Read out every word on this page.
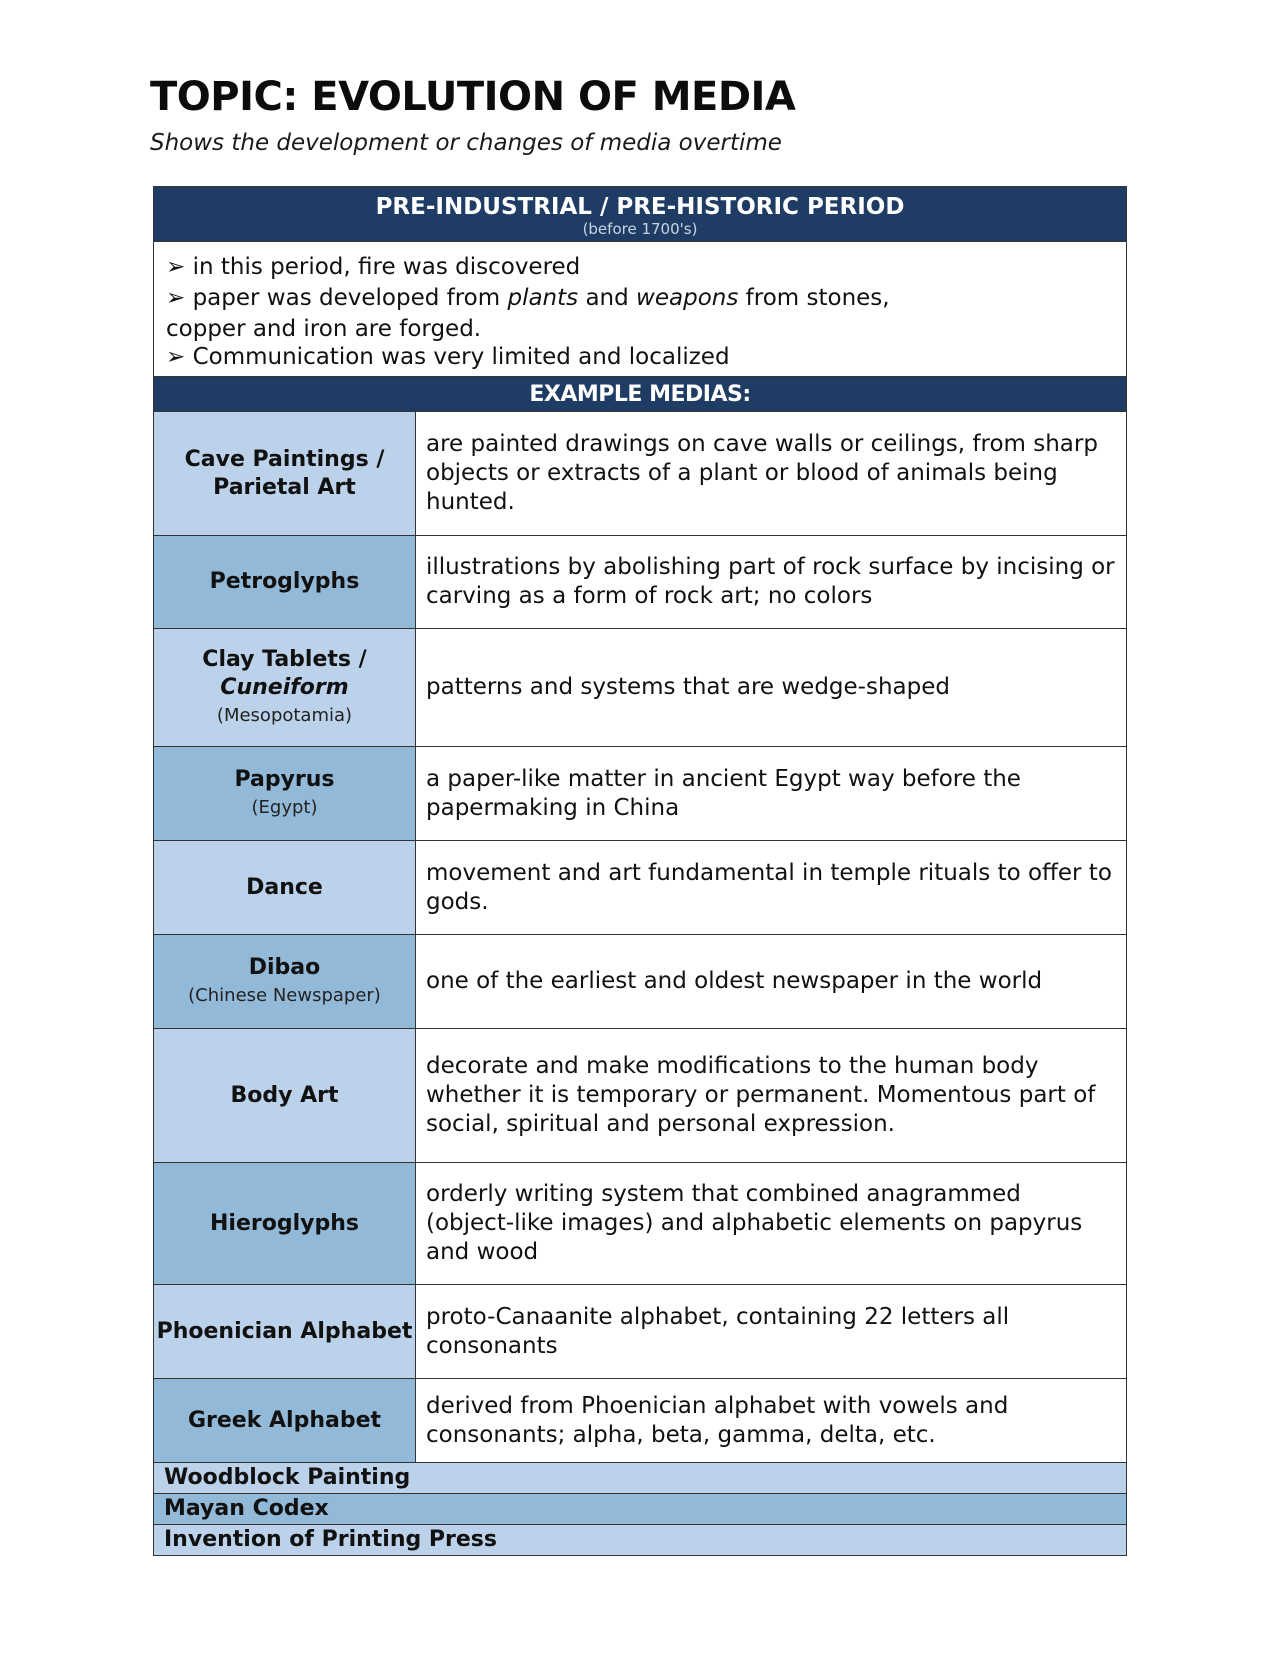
TOPIC: EVOLUTION OF MEDIA

Shows the development or changes of media overtime

PRE-INDUSTRIAL / PRE-HISTORIC PERIOD
(before 1700's)	

➢ in this period, fire was discovered

➢ paper was developed from plants and weapons from stones,

copper and iron are forged.

➢ Communication was very limited and localized	

EXAMPLE MEDIAS:	
Cave Paintings / Parietal Art	are painted drawings on cave walls or ceilings, from sharp objects or extracts of a plant or blood of animals being hunted.
Petroglyphs	illustrations by abolishing part of rock surface by incising or carving as a form of rock art; no colors
Clay Tablets /
Cuneiform
(Mesopotamia)	patterns and systems that are wedge-shaped
Papyrus
(Egypt)	a paper-like matter in ancient Egypt way before the papermaking in China
Dance	movement and art fundamental in temple rituals to offer to gods.
Dibao
(Chinese Newspaper)	one of the earliest and oldest newspaper in the world
Body Art	decorate and make modifications to the human body whether it is temporary or permanent. Momentous part of social, spiritual and personal expression.
Hieroglyphs	orderly writing system that combined anagrammed (object-like images) and alphabetic elements on papyrus and wood
Phoenician Alphabet	proto-Canaanite alphabet, containing 22 letters all consonants
Greek Alphabet	derived from Phoenician alphabet with vowels and consonants; alpha, beta, gamma, delta, etc.
Woodblock Painting	
Mayan Codex	
Invention of Printing Press	
